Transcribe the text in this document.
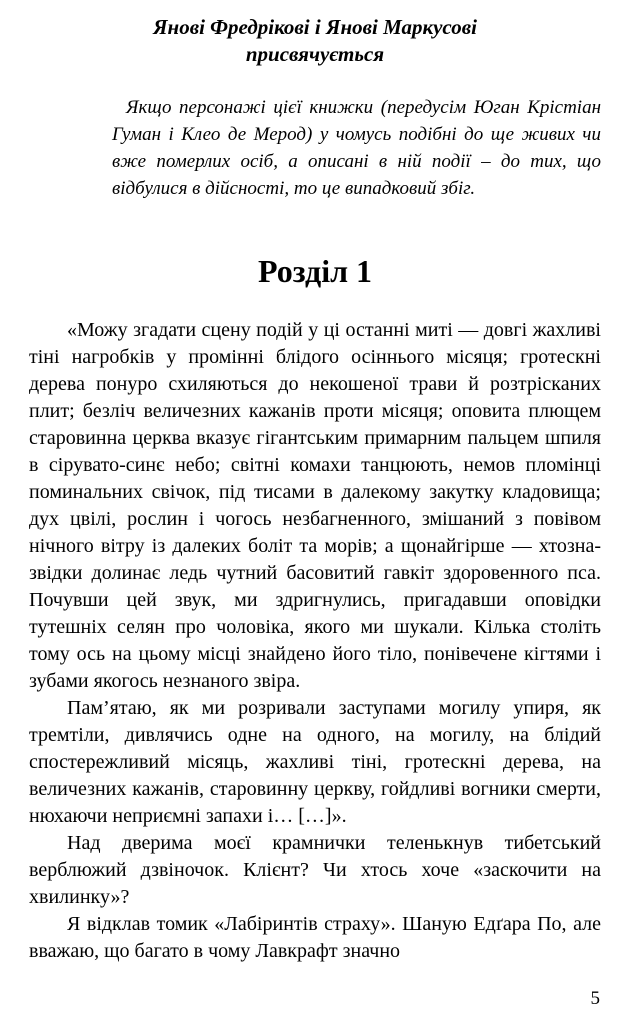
Янові Фредрікові і Янові Маркусові
присвячується

Якщо персонажі цієї книжки (передусім Юган Крістіан Гуман і Клео де Мерод) у чомусь подібні до ще живих чи вже померлих осіб, а описані в ній події – до тих, що відбулися в дійсності, то це випадковий збіг.

Розділ 1

«Можу згадати сцену подій у ці останні миті — довгі жахливі тіні нагробків у промінні блідого осіннього місяця; гротескні дерева понуро схиляються до некошеної трави й розтрісканих плит; безліч величезних кажанів проти місяця; оповита плющем старовинна церква вказує гігантським примарним пальцем шпиля в сірувато-синє небо; світні комахи танцюють, немов пломінці поминальних свічок, під тисами в далекому закутку кладовища; дух цвілі, рослин і чогось незбагненного, змішаний з повівом нічного вітру із далеких боліт та морів; а щонайгірше — хтозна-звідки долинає ледь чутний басовитий гавкіт здоровенного пса. Почувши цей звук, ми здригнулись, пригадавши оповідки тутешніх селян про чоловіка, якого ми шукали. Кілька століть тому ось на цьому місці знайдено його тіло, понівечене кігтями і зубами якогось незнаного звіра.

Пам’ятаю, як ми розривали заступами могилу упиря, як тремтіли, дивлячись одне на одного, на могилу, на блідий спостережливий місяць, жахливі тіні, гротескні дерева, на величезних кажанів, старовинну церкву, гойдливі вогники смерти, нюхаючи неприємні запахи і… […]».

Над дверима моєї крамнички теленькнув тибетський верблюжий дзвіночок. Клієнт? Чи хтось хоче «заскочити на хвилинку»?

Я відклав томик «Лабіринтів страху». Шаную Едґара По, але вважаю, що багато в чому Лавкрафт значно

5
